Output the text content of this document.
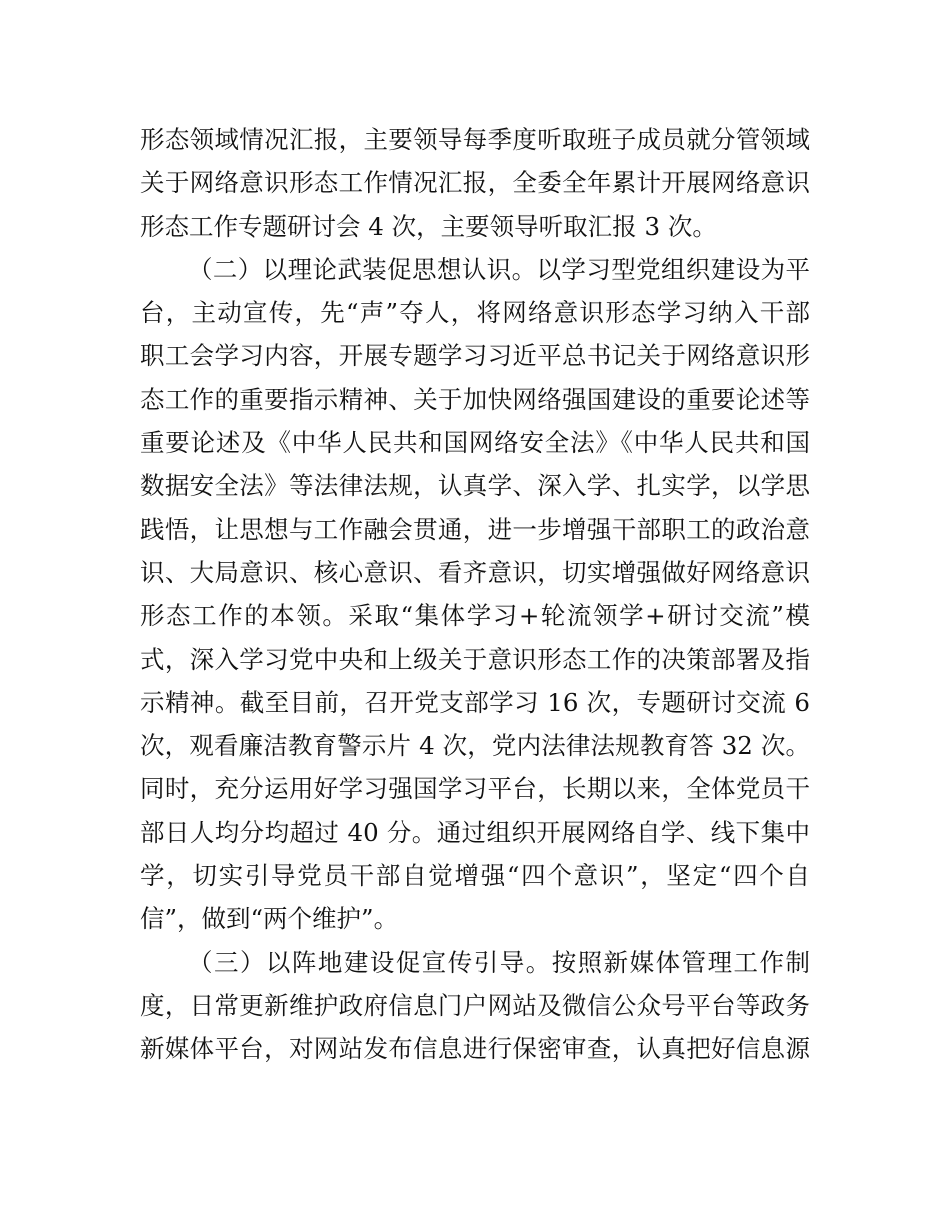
形态领域情况汇报，主要领导每季度听取班子成员就分管领域
关于网络意识形态工作情况汇报，全委全年累计开展网络意识
形态工作专题研讨会 4 次，主要领导听取汇报 3 次。
（二）以理论武装促思想认识。以学习型党组织建设为平
台，主动宣传，先“声”夺人，将网络意识形态学习纳入干部
职工会学习内容，开展专题学习习近平总书记关于网络意识形
态工作的重要指示精神、关于加快网络强国建设的重要论述等
重要论述及《中华人民共和国网络安全法》《中华人民共和国
数据安全法》等法律法规，认真学、深入学、扎实学，以学思
践悟，让思想与工作融会贯通，进一步增强干部职工的政治意
识、大局意识、核心意识、看齐意识，切实增强做好网络意识
形态工作的本领。采取“集体学习+轮流领学+研讨交流”模
式，深入学习党中央和上级关于意识形态工作的决策部署及指
示精神。截至目前，召开党支部学习 16 次，专题研讨交流 6
次，观看廉洁教育警示片 4 次，党内法律法规教育答 32 次。
同时，充分运用好学习强国学习平台，长期以来，全体党员干
部日人均分均超过 40 分。通过组织开展网络自学、线下集中
学，切实引导党员干部自觉增强“四个意识”，坚定“四个自
信”，做到“两个维护”。
（三）以阵地建设促宣传引导。按照新媒体管理工作制
度，日常更新维护政府信息门户网站及微信公众号平台等政务
新媒体平台，对网站发布信息进行保密审查，认真把好信息源
